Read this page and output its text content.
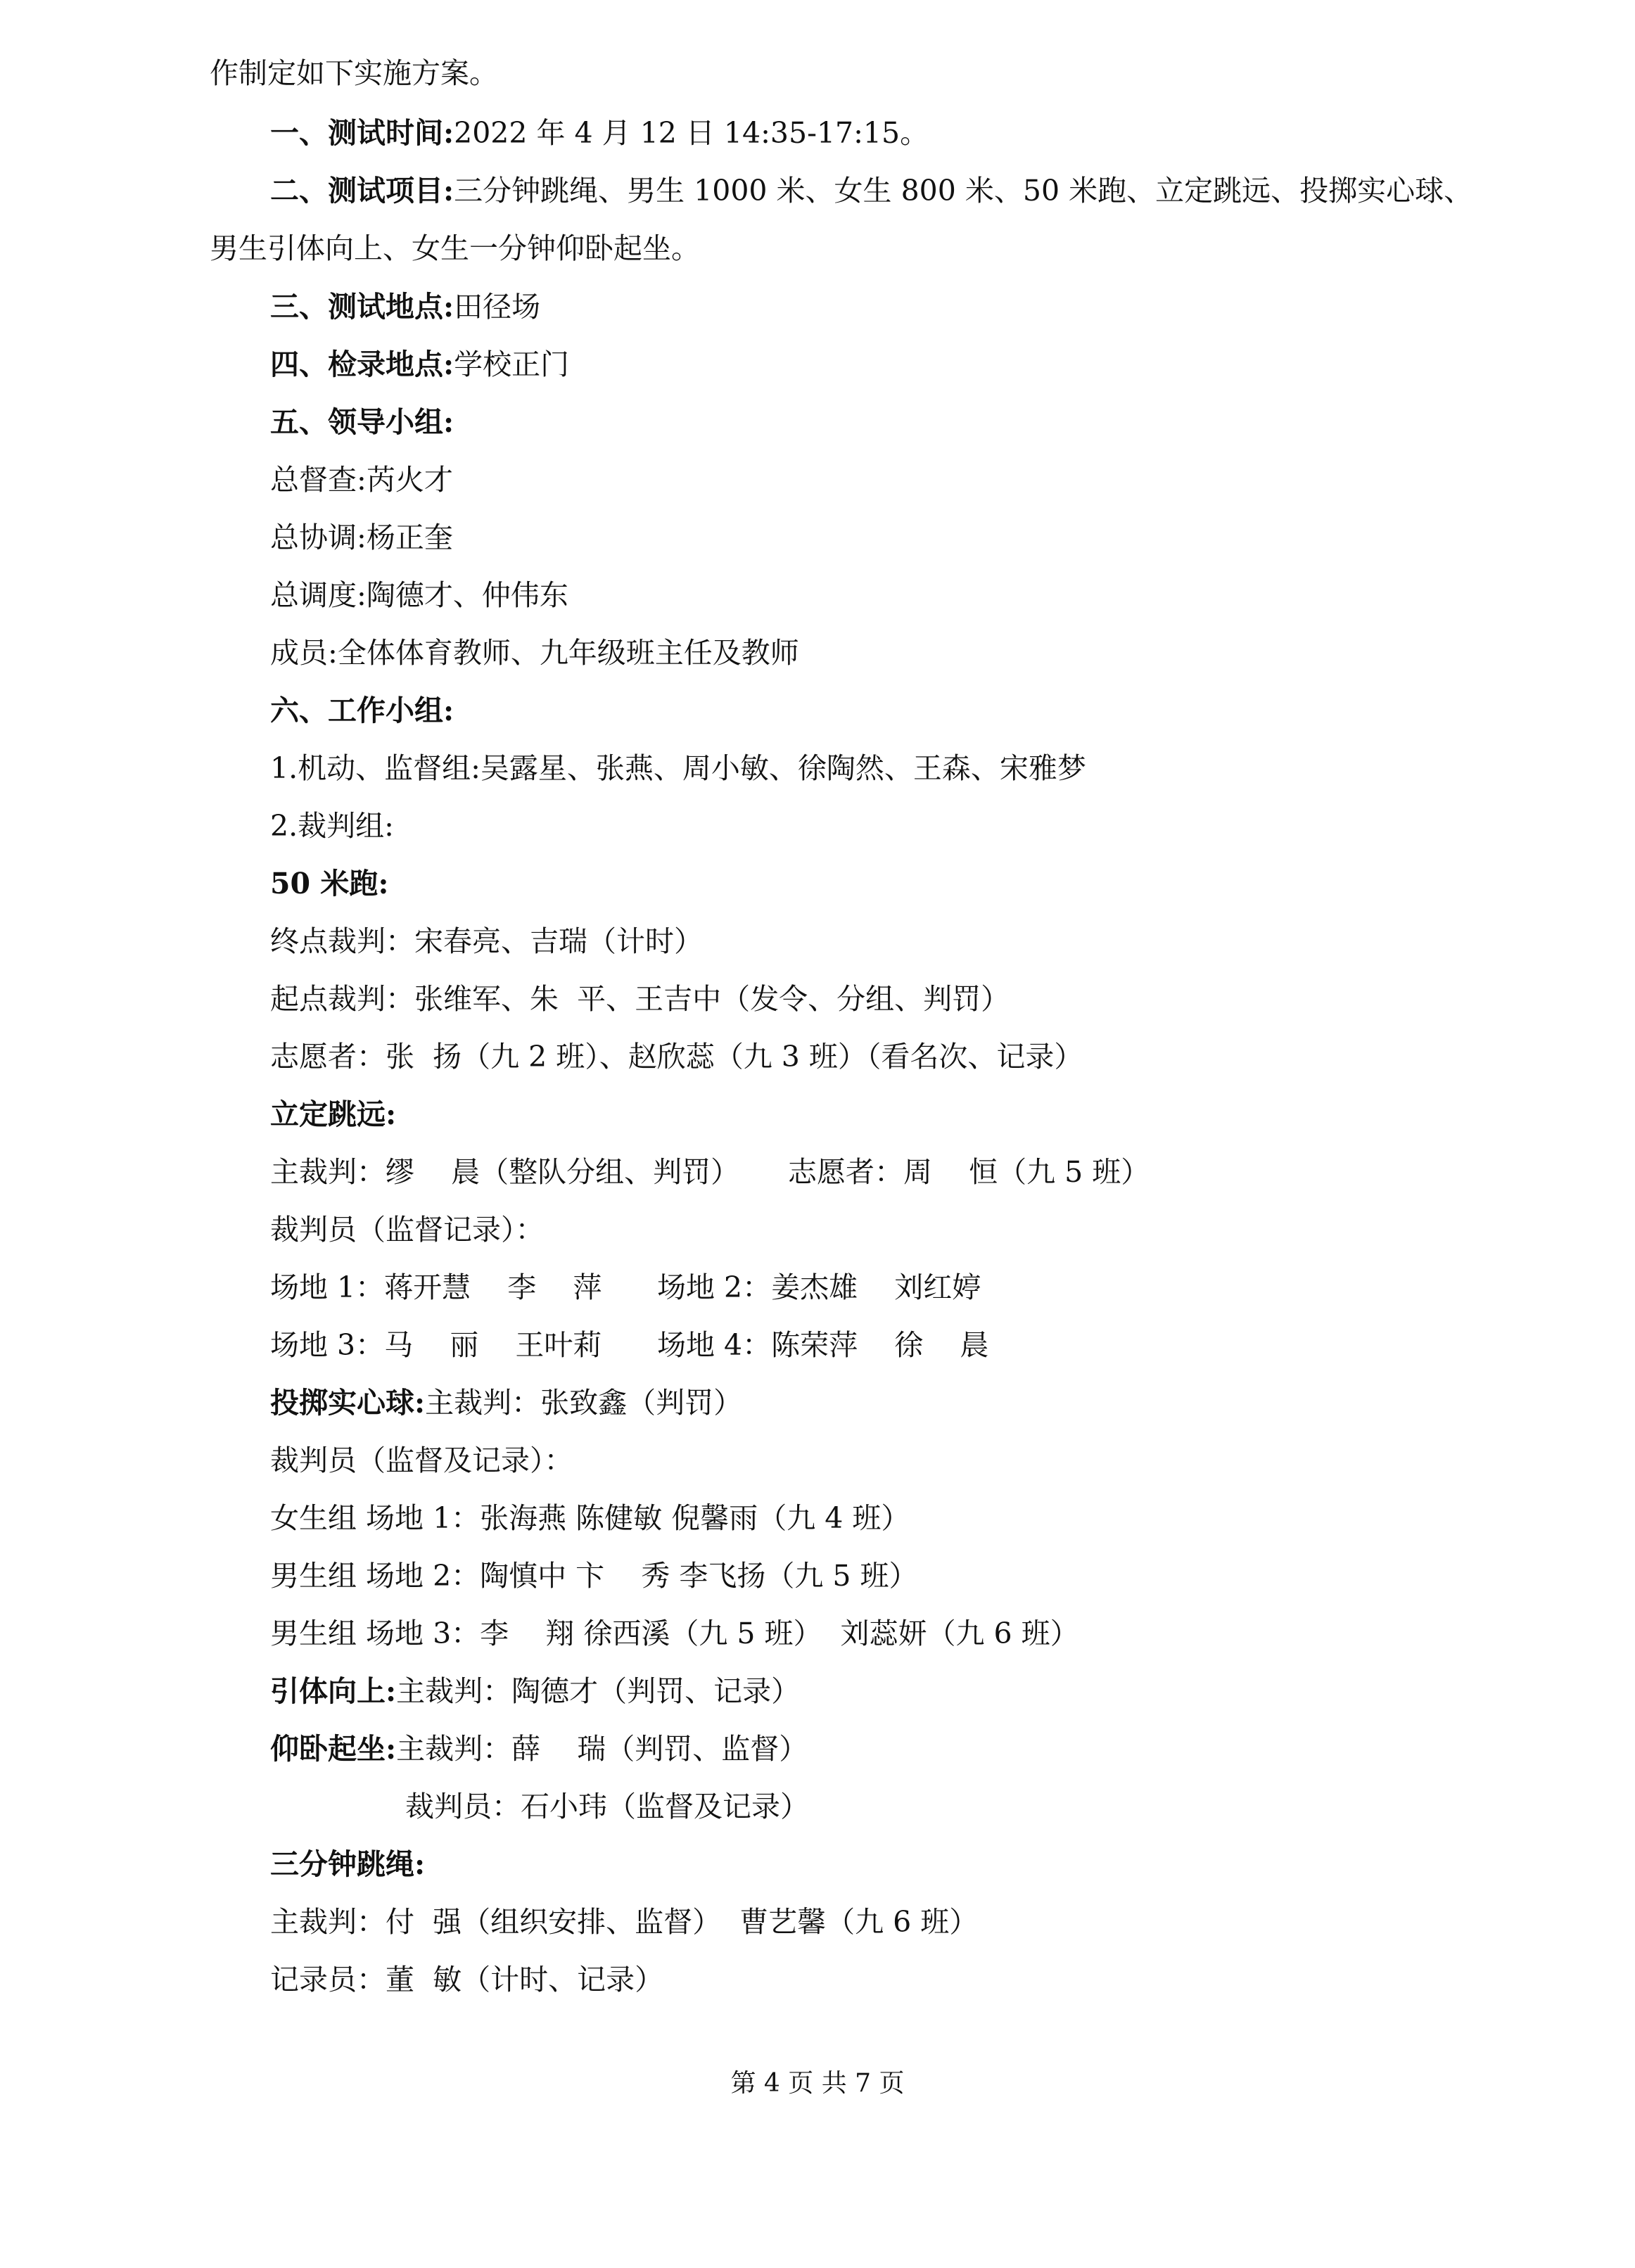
作制定如下实施方案。
一、测试时间:2022 年 4 月 12 日 14:35-17:15。
二、测试项目:三分钟跳绳、男生 1000 米、女生 800 米、50 米跑、立定跳远、投掷实心球、
男生引体向上、女生一分钟仰卧起坐。
三、测试地点:田径场
四、检录地点:学校正门
五、领导小组:
总督查:芮火才
总协调:杨正奎
总调度:陶德才、仲伟东
成员:全体体育教师、九年级班主任及教师
六、工作小组:
1.机动、监督组:吴露星、张燕、周小敏、徐陶然、王森、宋雅梦
2.裁判组:
50 米跑:
终点裁判：宋春亮、吉瑞（计时）
起点裁判：张维军、朱  平、王吉中（发令、分组、判罚）
志愿者：张  扬（九 2 班）、赵欣蕊（九 3 班）（看名次、记录）
立定跳远:
主裁判：缪    晨（整队分组、判罚） 志愿者：周    恒（九 5 班）
裁判员（监督记录）：
场地 1：蒋开慧    李    萍 场地 2：姜杰雄    刘红婷
场地 3：马    丽    王叶莉 场地 4：陈荣萍    徐    晨
投掷实心球:主裁判：张致鑫（判罚）
裁判员（监督及记录）：
女生组 场地 1：张海燕 陈健敏 倪馨雨（九 4 班）
男生组 场地 2：陶慎中 卞    秀 李飞扬（九 5 班）
男生组 场地 3：李    翔 徐西溪（九 5 班）  刘蕊妍（九 6 班）
引体向上:主裁判：陶德才（判罚、记录）
仰卧起坐:主裁判：薛    瑞（判罚、监督）
裁判员：石小玮（监督及记录）
三分钟跳绳:
主裁判：付  强（组织安排、监督）  曹艺馨（九 6 班）
记录员：董  敏（计时、记录）
第 4 页 共 7 页
